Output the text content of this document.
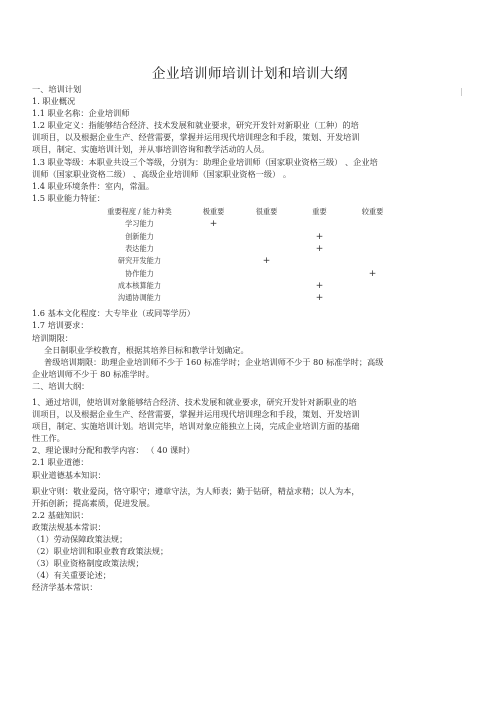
企业培训师培训计划和培训大纲

一、培训计划

1. 职业概况

1.1 职业名称：企业培训师

1.2 职业定义：指能够结合经济、技术发展和就业要求，研究开发针对新职业（工种）的培

训项目，以及根据企业生产、经营需要，掌握并运用现代培训理念和手段，策划、开发培训

项目，制定、实施培训计划，并从事培训咨询和教学活动的人员。

1.3 职业等级：本职业共设三个等级，分别为：助理企业培训师（国家职业资格三级） 、企业培

训师（国家职业资格二级） 、高级企业培训师（国家职业资格一级） 。

1.4 职业环境条件：室内，常温。

1.5 职业能力特征：

重要程度 / 能力种类	极重要	很重要	重要	较重要
学习能力	+			
创新能力			+	
表达能力			+	
研究开发能力		+		
协作能力				+
成本核算能力			+	
沟通协调能力			+	

1.6 基本文化程度：大专毕业（或同等学历）

1.7 培训要求：

培训期限：

全日制职业学校教育，根据其培养目标和教学计划确定。

普级培训期限：助理企业培训师不少于 160 标准学时；企业培训师不少于 80 标准学时；高级

企业培训师不少于 80 标准学时。

二、培训大纲：

1、通过培训，使培训对象能够结合经济、技术发展和就业要求，研究开发针对新职业的培

训项目，以及根据企业生产、经营需要，掌握并运用现代培训理念和手段，策划、开发培训

项目，制定、实施培训计划。培训完毕，培训对象应能独立上岗，完成企业培训方面的基础

性工作。

2、理论课时分配和教学内容： （ 40 课时）

2.1 职业道德：

职业道德基本知识：

职业守则：敬业爱岗，恪守职守；遵章守法，为人师表；勤于钻研，精益求精；以人为本，

开拓创新；提高素质，促进发展。

2.2 基础知识：

政策法规基本常识：

（1）劳动保障政策法规；

（2）职业培训和职业教育政策法规；

（3）职业资格制度政策法规；

（4）有关重要论述；

经济学基本常识：
